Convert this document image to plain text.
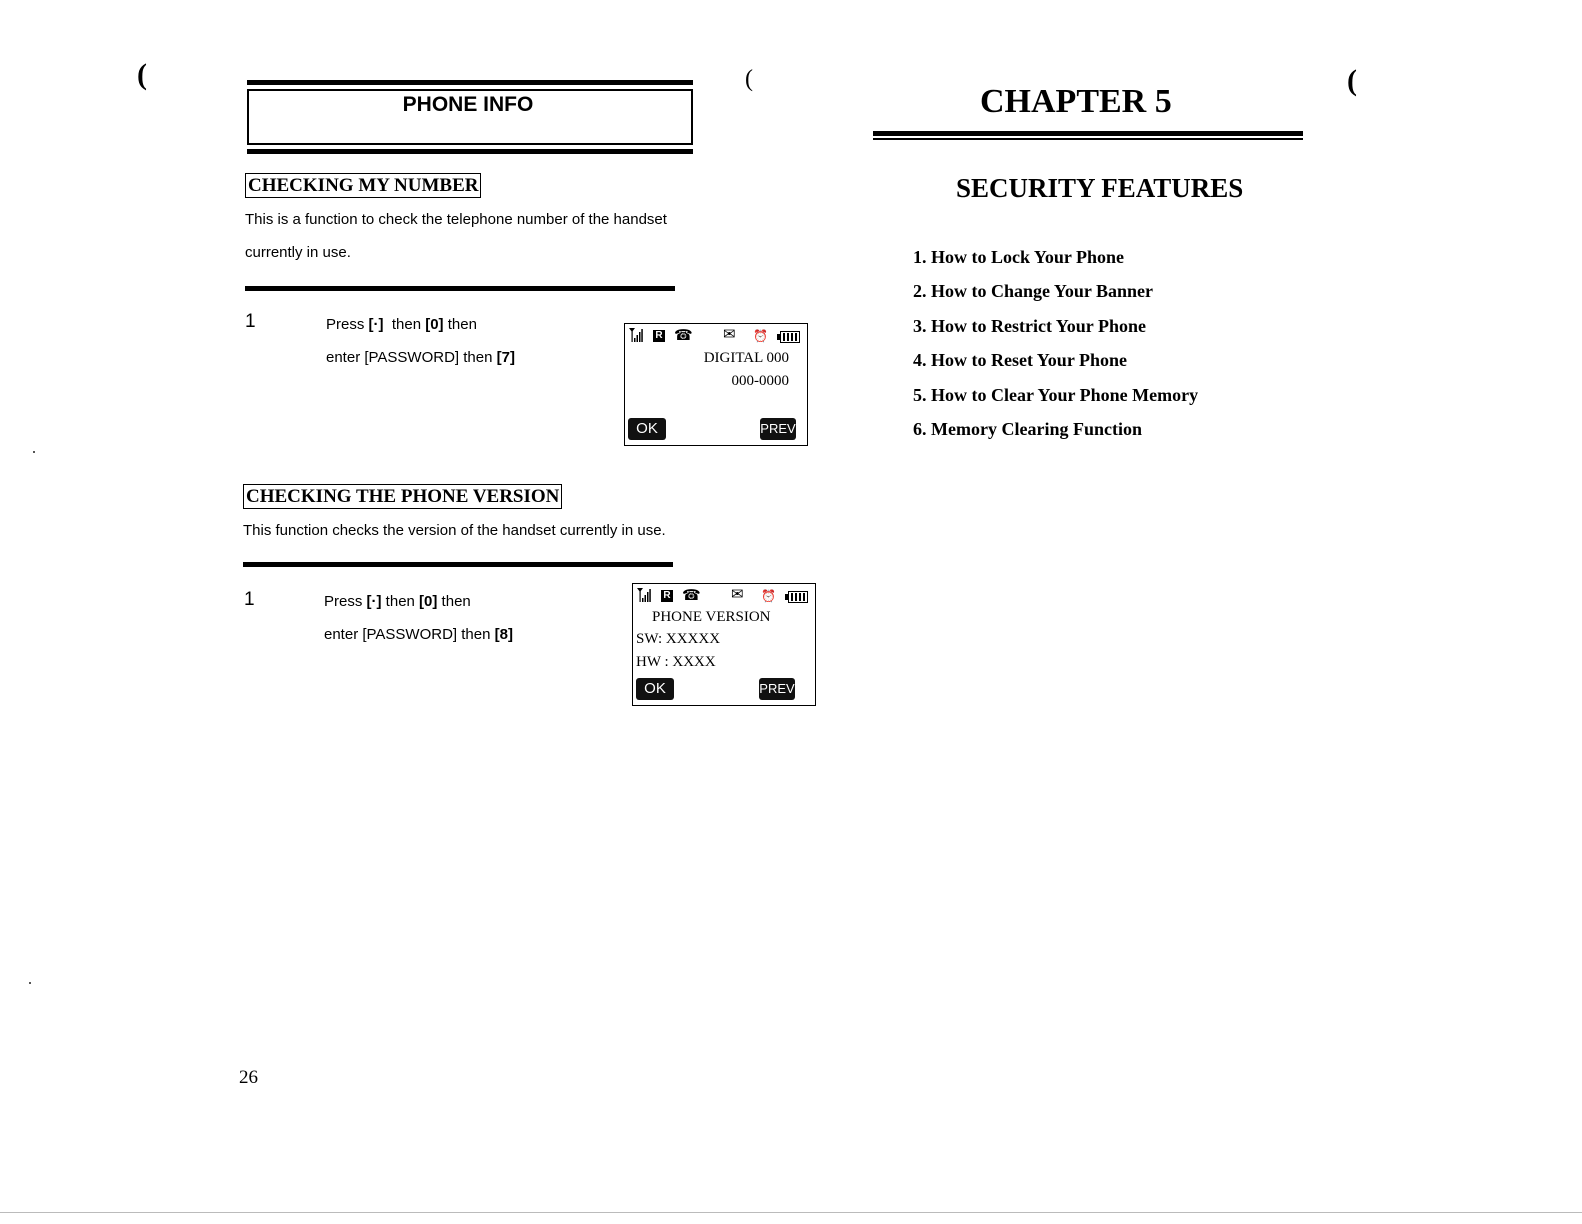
(	(	(
PHONE INFO
CHECKING MY NUMBER
This is a function to check the telephone number of the handset
currently in use.
1	Press [·]  then [0] then
enter [PASSWORD] then [7]
R ☎ ✉ ⏰
DIGITAL 000
000-0000
OK	PREV
CHECKING THE PHONE VERSION
This function checks the version of the handset currently in use.
1	Press [·] then [0] then
enter [PASSWORD] then [8]
R ☎ ✉ ⏰
PHONE VERSION
SW: XXXXX
HW : XXXX
OK	PREV
26
CHAPTER 5
SECURITY FEATURES
1. How to Lock Your Phone
2. How to Change Your Banner
3. How to Restrict Your Phone
4. How to Reset Your Phone
5. How to Clear Your Phone Memory
6. Memory Clearing Function
